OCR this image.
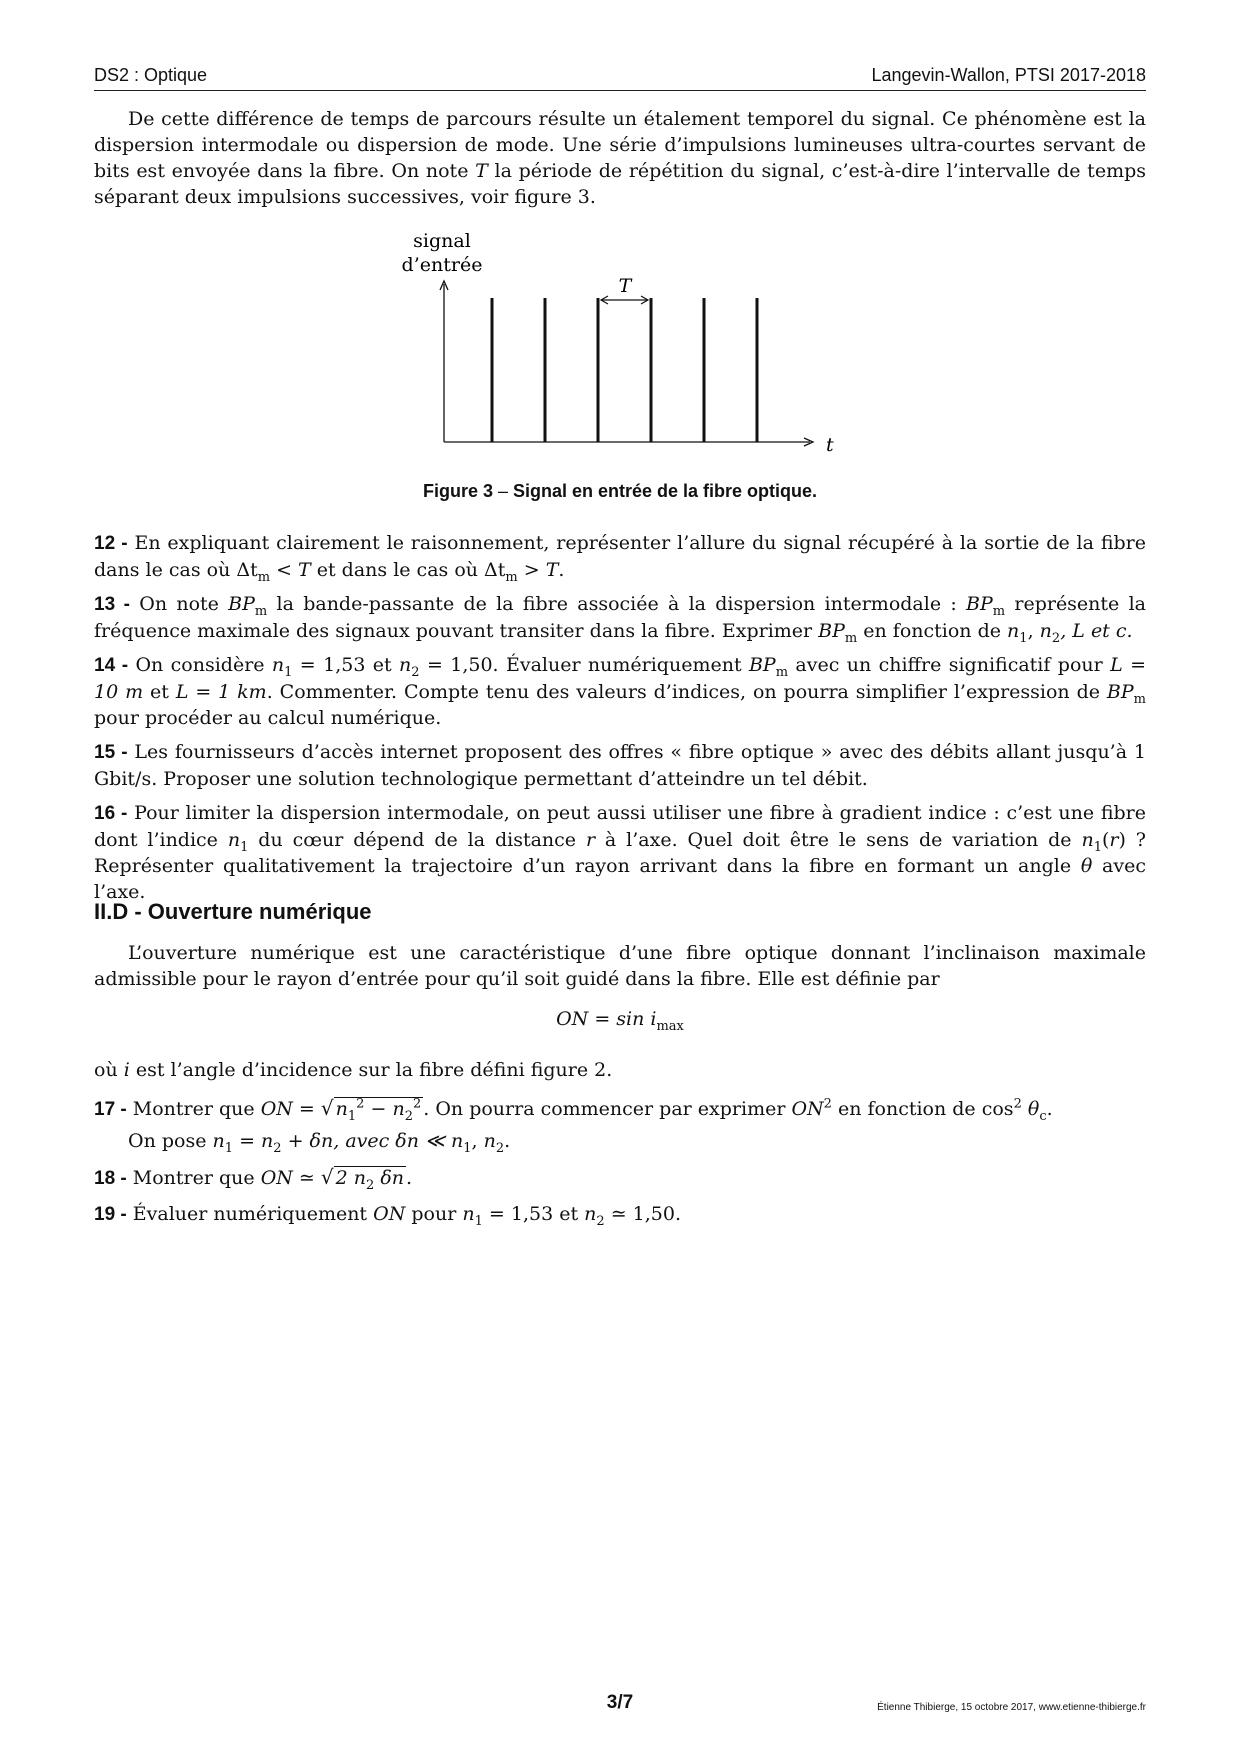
DS2 : Optique	Langevin-Wallon, PTSI 2017-2018

De cette différence de temps de parcours résulte un étalement temporel du signal. Ce phénomène est la dispersion intermodale ou dispersion de mode. Une série d’impulsions lumineuses ultra-courtes servant de bits est envoyée dans la fibre. On note T la période de répétition du signal, c’est-à-dire l’intervalle de temps séparant deux impulsions successives, voir figure 3.

signal
d’entrée
t
T
Figure 3 – Signal en entrée de la fibre optique.

12 - En expliquant clairement le raisonnement, représenter l’allure du signal récupéré à la sortie de la fibre dans le cas où $\Delta t_m < T$ et dans le cas où $\Delta t_m > T$.

13 - On note $BP_m$ la bande-passante de la fibre associée à la dispersion intermodale : $BP_m$ représente la fréquence maximale des signaux pouvant transiter dans la fibre. Exprimer $BP_m$ en fonction de $n_1$, $n_2$, L et c.

14 - On considère $n_1 = 1,53$ et $n_2 = 1,50$. Évaluer numériquement $BP_m$ avec un chiffre significatif pour L = 10 m et L = 1 km. Commenter. Compte tenu des valeurs d’indices, on pourra simplifier l’expression de $BP_m$ pour procéder au calcul numérique.

15 - Les fournisseurs d’accès internet proposent des offres « fibre optique » avec des débits allant jusqu’à 1 Gbit/s. Proposer une solution technologique permettant d’atteindre un tel débit.

16 - Pour limiter la dispersion intermodale, on peut aussi utiliser une fibre à gradient indice : c’est une fibre dont l’indice $n_1$ du cœur dépend de la distance r à l’axe. Quel doit être le sens de variation de $n_1(r)$ ? Représenter qualitativement la trajectoire d’un rayon arrivant dans la fibre en formant un angle θ avec l’axe.

II.D - Ouverture numérique

L’ouverture numérique est une caractéristique d’une fibre optique donnant l’inclinaison maximale admissible pour le rayon d’entrée pour qu’il soit guidé dans la fibre. Elle est définie par

ON = $\sin i_{max}$

où i est l’angle d’incidence sur la fibre défini figure 2.

17 - Montrer que ON = √ $n_1^2 - n_2^2$ . On pourra commencer par exprimer $ON^2$ en fonction de $\cos^2 \theta_c$.

On pose $n_1 = n_2 + \delta n$, avec δn ≪ $n_1$, $n_2$.

18 - Montrer que ON ≃ √ 2 $n_2$ δn .

19 - Évaluer numériquement ON pour $n_1 = 1,53$ et $n_2$ ≃ 1,50.

3/7	Étienne Thibierge, 15 octobre 2017, www.etienne-thibierge.fr
